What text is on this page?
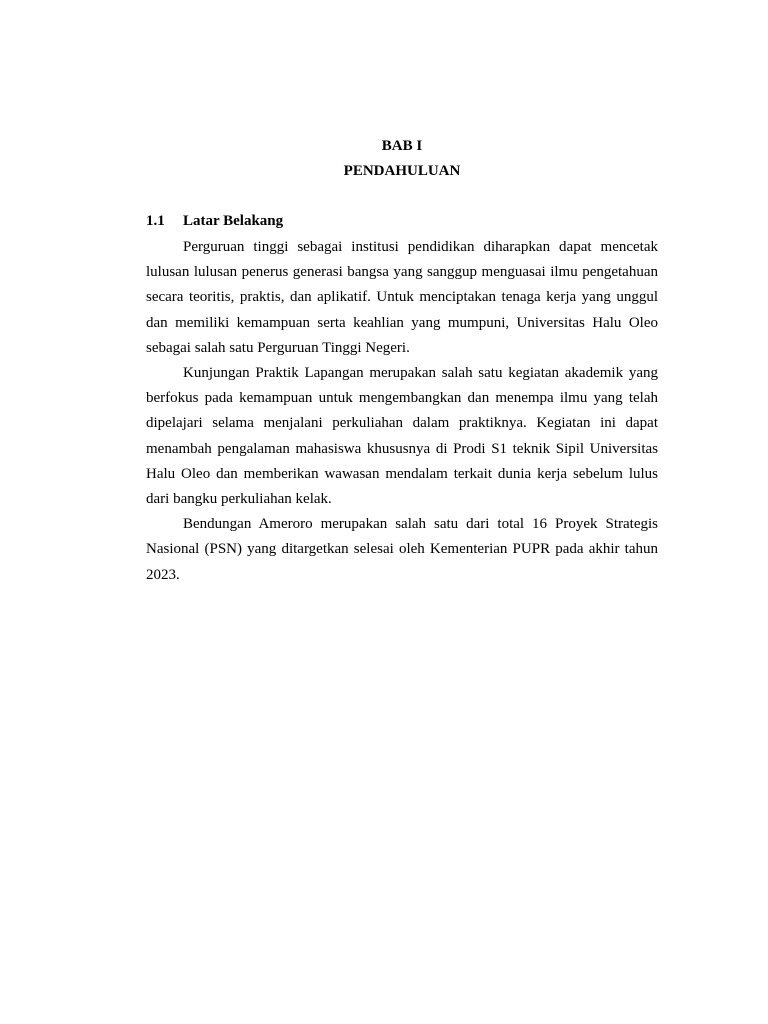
BAB I
PENDAHULUAN
1.1	Latar Belakang

Perguruan tinggi sebagai institusi pendidikan diharapkan dapat mencetak lulusan lulusan penerus generasi bangsa yang sanggup menguasai ilmu pengetahuan secara teoritis, praktis, dan aplikatif. Untuk menciptakan tenaga kerja yang unggul dan memiliki kemampuan serta keahlian yang mumpuni, Universitas Halu Oleo sebagai salah satu Perguruan Tinggi Negeri.

Kunjungan Praktik Lapangan merupakan salah satu kegiatan akademik yang berfokus pada kemampuan untuk mengembangkan dan menempa ilmu yang telah dipelajari selama menjalani perkuliahan dalam praktiknya. Kegiatan ini dapat menambah pengalaman mahasiswa khususnya di Prodi S1 teknik Sipil Universitas Halu Oleo dan memberikan wawasan mendalam terkait dunia kerja sebelum lulus dari bangku perkuliahan kelak.

Bendungan Ameroro merupakan salah satu dari total 16 Proyek Strategis Nasional (PSN) yang ditargetkan selesai oleh Kementerian PUPR pada akhir tahun 2023.
